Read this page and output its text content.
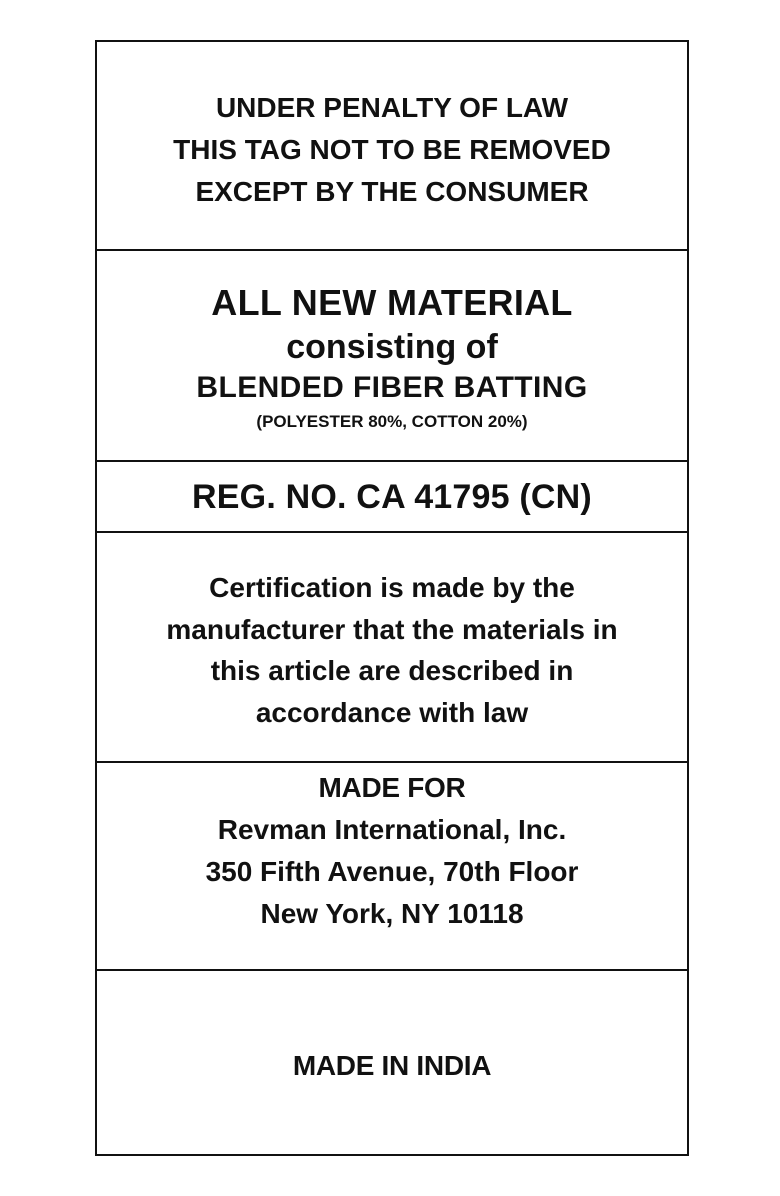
UNDER PENALTY OF LAW
THIS TAG NOT TO BE REMOVED
EXCEPT BY THE CONSUMER
ALL NEW MATERIAL
consisting of
BLENDED FIBER BATTING
(POLYESTER 80%, COTTON 20%)
REG. NO. CA 41795 (CN)
Certification is made by the
manufacturer that the materials in
this article are described in
accordance with law
MADE FOR
Revman International, Inc.
350 Fifth Avenue, 70th Floor
New York, NY 10118
MADE IN INDIA
